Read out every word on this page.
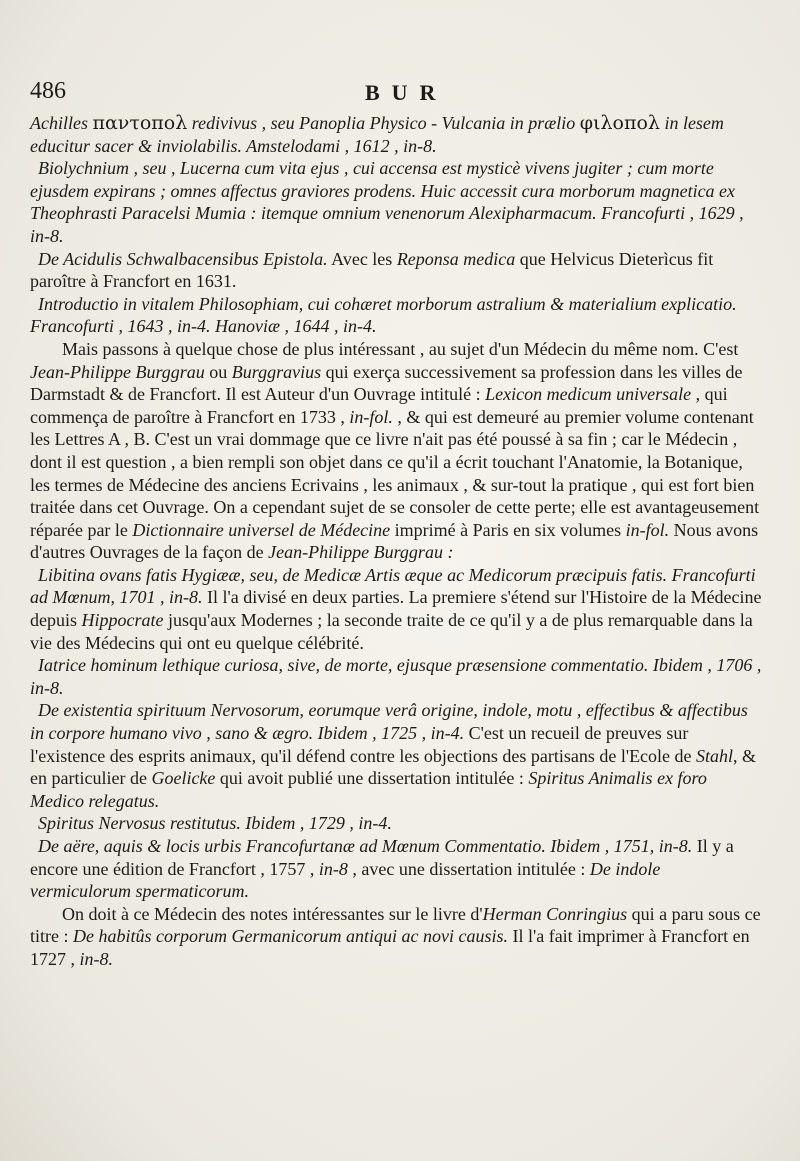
486	BUR

Achilles παντοπολ redivivus , seu Panoplia Physico - Vulcania in prælio φιλοπολ in lesem educitur sacer & inviolabilis. Amstelodami , 1612 , in-8.

Biolychnium , seu , Lucerna cum vita ejus , cui accensa est mysticè vivens jugiter ; cum morte ejusdem expirans ; omnes affectus graviores prodens. Huic accessit cura morborum magnetica ex Theophrasti Paracelsi Mumia : itemque omnium venenorum Alexipharmacum. Francofurti , 1629 , in-8.

De Acidulis Schwalbacensibus Epistola. Avec les Reponsa medica que Helvicus Dieterìcus fit paroître à Francfort en 1631.

Introductio in vitalem Philosophiam, cui cohæret morborum astralium & materialium explicatio. Francofurti , 1643 , in-4. Hanoviæ , 1644 , in-4.

Mais passons à quelque chose de plus intéressant , au sujet d'un Médecin du même nom. C'est Jean-Philippe Burggrau ou Burggravius qui exerça successivement sa profession dans les villes de Darmstadt & de Francfort. Il est Auteur d'un Ouvrage intitulé : Lexicon medicum universale , qui commença de paroître à Francfort en 1733 , in-fol. , & qui est demeuré au premier volume contenant les Lettres A , B. C'est un vrai dommage que ce livre n'ait pas été poussé à sa fin ; car le Médecin , dont il est question , a bien rempli son objet dans ce qu'il a écrit touchant l'Anatomie, la Botanique, les termes de Médecine des anciens Ecrivains , les animaux , & sur-tout la pratique , qui est fort bien traitée dans cet Ouvrage. On a cependant sujet de se consoler de cette perte; elle est avantageusement réparée par le Dictionnaire universel de Médecine imprimé à Paris en six volumes in-fol. Nous avons d'autres Ouvrages de la façon de Jean-Philippe Burggrau :

Libitina ovans fatis Hygiææ, seu, de Medicæ Artis æque ac Medicorum præcipuis fatis. Francofurti ad Mœnum, 1701 , in-8. Il l'a divisé en deux parties. La premiere s'étend sur l'Histoire de la Médecine depuis Hippocrate jusqu'aux Modernes ; la seconde traite de ce qu'il y a de plus remarquable dans la vie des Médecins qui ont eu quelque célébrité.

Iatrice hominum lethique curiosa, sive, de morte, ejusque præsensione commentatio. Ibidem , 1706 , in-8.

De existentia spirituum Nervosorum, eorumque verâ origine, indole, motu , effectibus & affectibus in corpore humano vivo , sano & ægro. Ibidem , 1725 , in-4. C'est un recueil de preuves sur l'existence des esprits animaux, qu'il défend contre les objections des partisans de l'Ecole de Stahl, & en particulier de Goelicke qui avoit publié une dissertation intitulée : Spiritus Animalis ex foro Medico relegatus.

Spiritus Nervosus restitutus. Ibidem , 1729 , in-4.

De aëre, aquis & locis urbis Francofurtanæ ad Mœnum Commentatio. Ibidem , 1751, in-8. Il y a encore une édition de Francfort , 1757 , in-8 , avec une dissertation intitulée : De indole vermiculorum spermaticorum.

On doit à ce Médecin des notes intéressantes sur le livre d'Herman Conringius qui a paru sous ce titre : De habitûs corporum Germanicorum antiqui ac novi causis. Il l'a fait imprimer à Francfort en 1727 , in-8.
